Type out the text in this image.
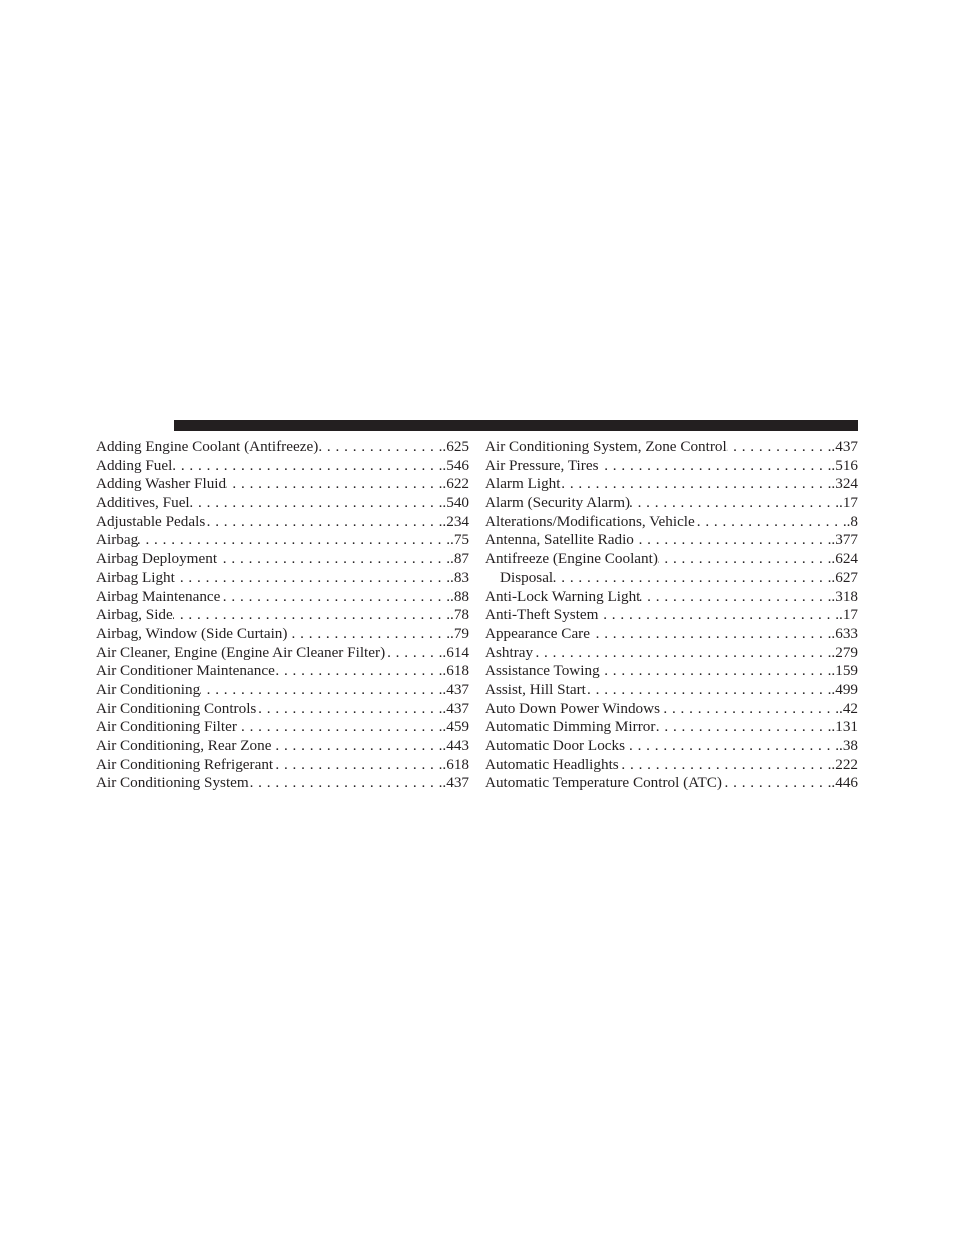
Adding Engine Coolant (Antifreeze) . . .	.625
Adding Fuel . . .	.546
Adding Washer Fluid . . .	.622
Additives, Fuel . . .	.540
Adjustable Pedals . . .	.234
Airbag . . .	.75
Airbag Deployment . . .	.87
Airbag Light . . .	.83
Airbag Maintenance . . .	.88
Airbag, Side . . .	.78
Airbag, Window (Side Curtain) . . .	.79
Air Cleaner, Engine (Engine Air Cleaner Filter) . . .	.614
Air Conditioner Maintenance . . .	.618
Air Conditioning . . .	.437
Air Conditioning Controls . . .	.437
Air Conditioning Filter . . .	.459
Air Conditioning, Rear Zone . . .	.443
Air Conditioning Refrigerant . . .	.618
Air Conditioning System . . .	.437
Air Conditioning System, Zone Control . . .	.437
Air Pressure, Tires . . .	.516
Alarm Light . . .	.324
Alarm (Security Alarm) . . .	.17
Alterations/Modifications, Vehicle . . .	.8
Antenna, Satellite Radio . . .	.377
Antifreeze (Engine Coolant) . . .	.624
Disposal . . .	.627
Anti-Lock Warning Light . . .	.318
Anti-Theft System . . .	.17
Appearance Care . . .	.633
Ashtray . . .	.279
Assistance Towing . . .	.159
Assist, Hill Start . . .	.499
Auto Down Power Windows . . .	.42
Automatic Dimming Mirror . . .	.131
Automatic Door Locks . . .	.38
Automatic Headlights . . .	.222
Automatic Temperature Control (ATC) . . .	.446
